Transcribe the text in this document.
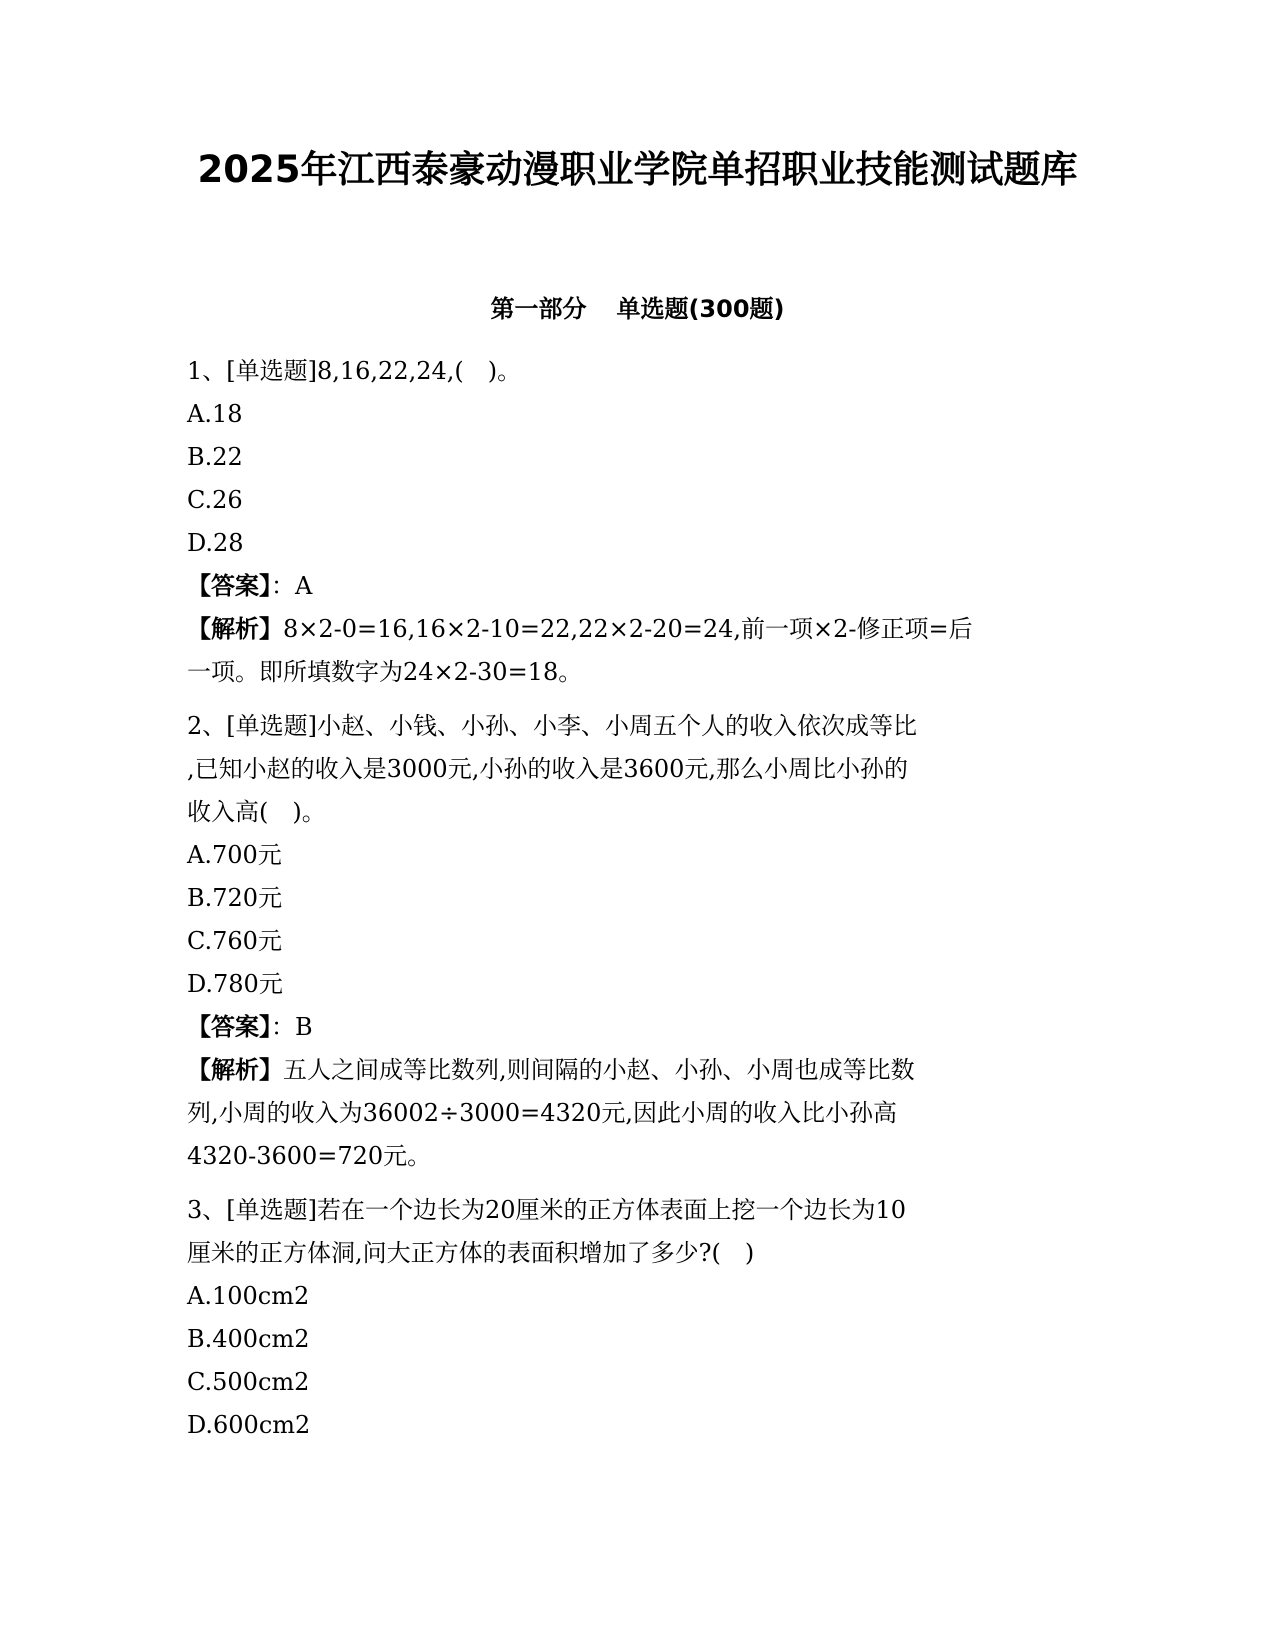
2025年江西泰豪动漫职业学院单招职业技能测试题库
第一部分 单选题(300题)
1、[单选题]8,16,22,24,(　)。
A.18
B.22
C.26
D.28
【答案】：A
【解析】8×2-0=16,16×2-10=22,22×2-20=24,前一项×2-修正项=后
一项。即所填数字为24×2-30=18。
2、[单选题]小赵、小钱、小孙、小李、小周五个人的收入依次成等比
,已知小赵的收入是3000元,小孙的收入是3600元,那么小周比小孙的
收入高(　)。
A.700元
B.720元
C.760元
D.780元
【答案】：B
【解析】五人之间成等比数列,则间隔的小赵、小孙、小周也成等比数
列,小周的收入为36002÷3000=4320元,因此小周的收入比小孙高
4320-3600=720元。
3、[单选题]若在一个边长为20厘米的正方体表面上挖一个边长为10
厘米的正方体洞,问大正方体的表面积增加了多少?(　)
A.100cm2
B.400cm2
C.500cm2
D.600cm2
